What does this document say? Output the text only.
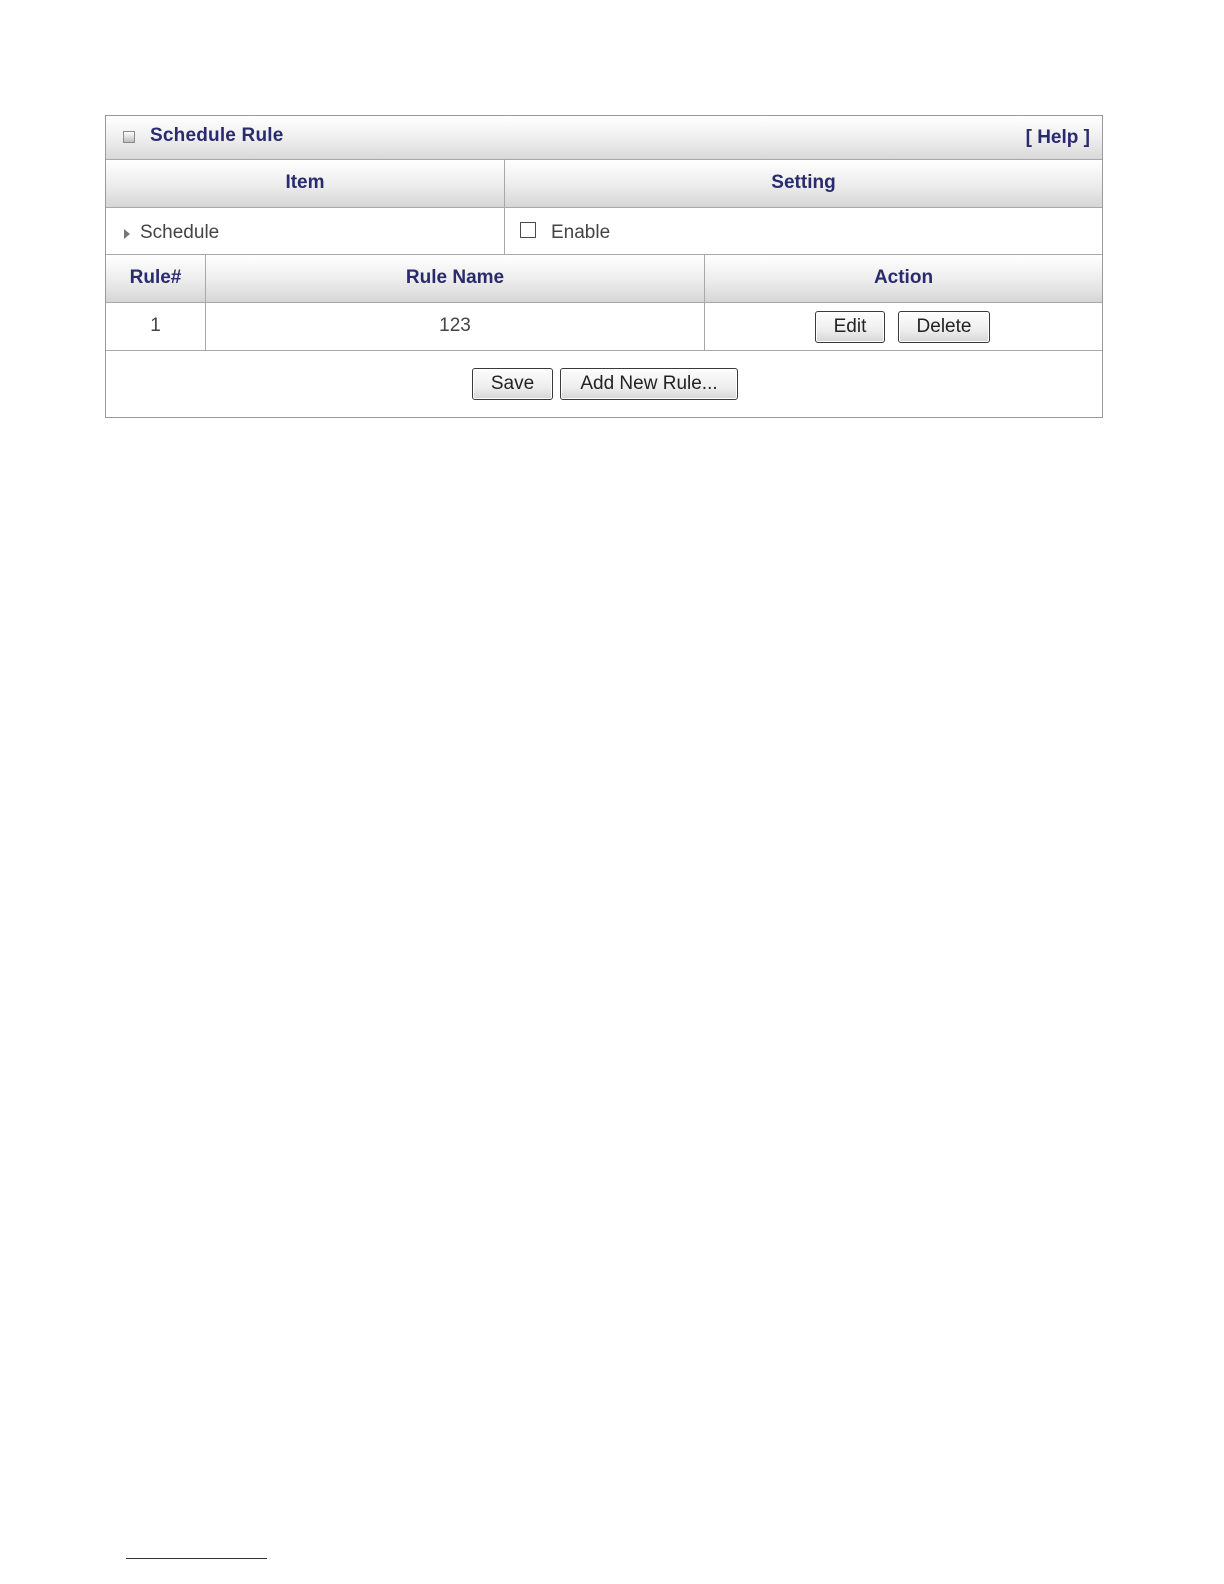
Schedule Rule	[ Help ]
Item	Setting
Schedule	Enable
Rule#	Rule Name	Action
1	123	Edit	Delete
Save	Add New Rule...
